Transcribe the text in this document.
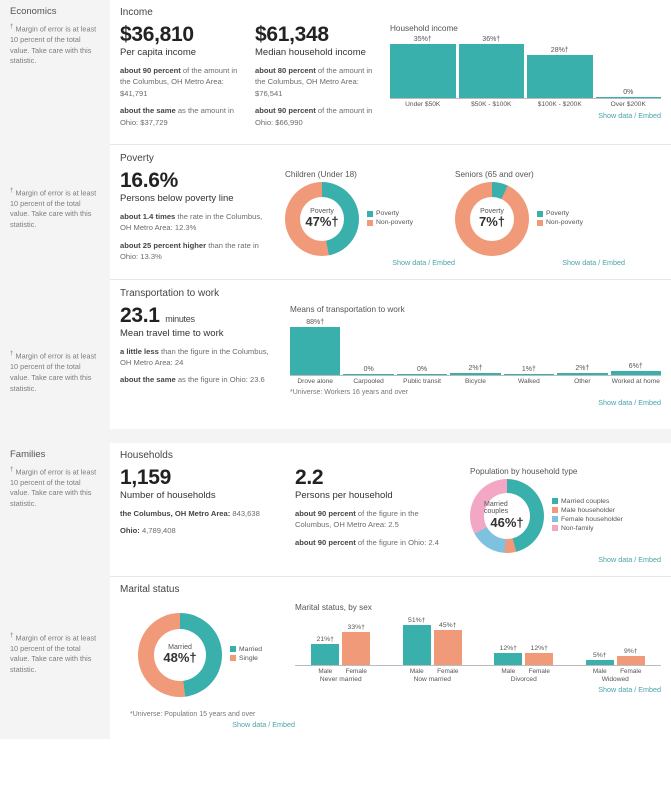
Economics
† Margin of error is at least 10 percent of the total value. Take care with this statistic.
† Margin of error is at least 10 percent of the total value. Take care with this statistic.
† Margin of error is at least 10 percent of the total value. Take care with this statistic.
Income
$36,810
Per capita income
about 90 percent of the amount in the Columbus, OH Metro Area: $41,791
about the same as the amount in Ohio: $37,729
$61,348
Median household income
about 80 percent of the amount in the Columbus, OH Metro Area: $76,541
about 90 percent of the amount in Ohio: $66,990
Household income
35%†	36%†
28%†
0%
Under $50K	$50K - $100K	$100K - $200K	Over $200K
Show data / Embed
Poverty
16.6%
Persons below poverty line
about 1.4 times the rate in the Columbus, OH Metro Area: 12.3%
about 25 percent higher than the rate in Ohio: 13.3%
Children (Under 18)
Poverty
47%†
Poverty
Non-poverty
Show data / Embed
Seniors (65 and over)
Poverty
7%†
Poverty
Non-poverty
Show data / Embed
Transportation to work
23.1 minutes
Mean travel time to work
a little less than the figure in the Columbus, OH Metro Area: 24
about the same as the figure in Ohio: 23.6
Means of transportation to work
88%†
0%	0%	2%†	1%†	2%†	6%†
Drove alone	Carpooled	Public transit	Bicycle	Walked	Other	Worked at home
*Universe: Workers 16 years and over
Show data / Embed
Families
† Margin of error is at least 10 percent of the total value. Take care with this statistic.
† Margin of error is at least 10 percent of the total value. Take care with this statistic.
Households
1,159
Number of households
the Columbus, OH Metro Area: 843,638
Ohio: 4,789,408
2.2
Persons per household
about 90 percent of the figure in the Columbus, OH Metro Area: 2.5
about 90 percent of the figure in Ohio: 2.4
Population by household type
Married couples
46%†
Married couples
Male householder
Female householder
Non-family
Show data / Embed
Marital status
Married
48%†
Married
Single
*Universe: Population 15 years and over
Show data / Embed
Marital status, by sex
21%†
33%†
Male	Female
Never married
51%†
45%†
Male	Female
Now married
12%†	12%†
Male	Female
Divorced
5%†
9%†
Male	Female
Widowed
Show data / Embed
